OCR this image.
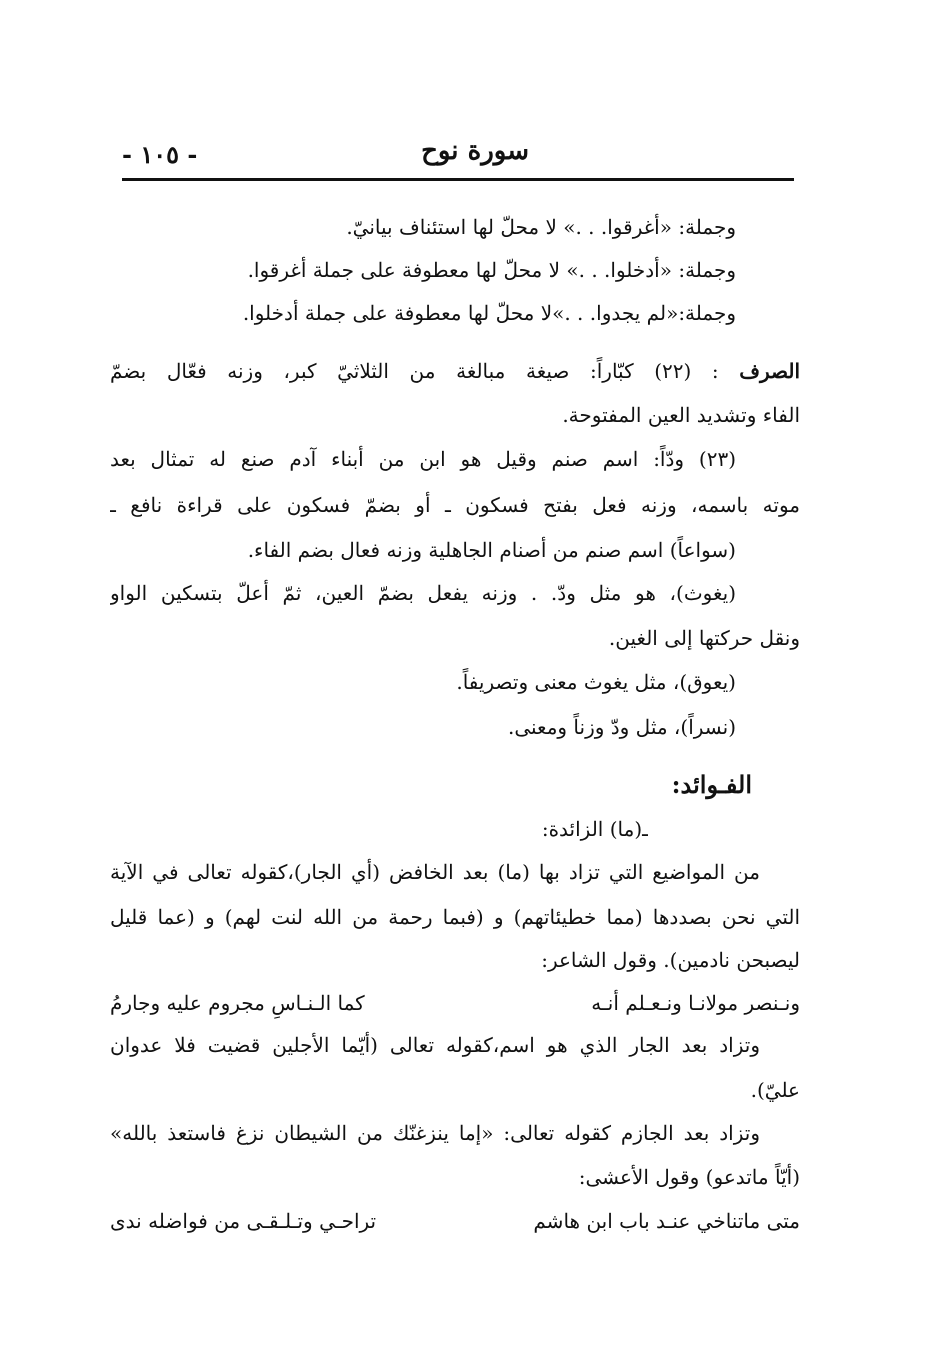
سورة نوح
- ١٠٥ -
وجملة: «أغرقوا. . .» لا محلّ لها استئناف بيانيّ.
وجملة: «أدخلوا. . .» لا محلّ لها معطوفة على جملة أغرقوا.
وجملة:«لم يجدوا. . .»لا محلّ لها معطوفة على جملة أدخلوا.
الصرف : (٢٢) كبّاراً: صيغة مبالغة من الثلاثيّ كبر، وزنه فعّال بضمّ
الفاء وتشديد العين المفتوحة.
(٢٣) ودّاً: اسم صنم وقيل هو ابن من أبناء آدم صنع له تمثال بعد
موته باسمه، وزنه فعل بفتح فسكون ـ أو بضمّ فسكون على قراءة نافع ـ
(سواعاً) اسم صنم من أصنام الجاهلية وزنه فعال بضم الفاء.
(يغوث)، هو مثل ودّ. . وزنه يفعل بضمّ العين، ثمّ أعلّ بتسكين الواو
ونقل حركتها إلى الغين.
(يعوق)، مثل يغوث معنى وتصريفاً.
(نسراً)، مثل ودّ وزناً ومعنى.
الفـوائد:
ـ(ما) الزائدة:
من المواضيع التي تزاد بها (ما) بعد الخافض (أي الجار)،كقوله تعالى في الآية
التي نحن بصددها (مما خطيئاتهم) و (فبما رحمة من الله لنت لهم) و (عما قليل
ليصبحن نادمين). وقول الشاعر:
ونـنصر مولانـا ونـعـلم أنـه
كما الـنـاسِ مجروم عليه وجارمُ
وتزاد بعد الجار الذي هو اسم،كقوله تعالى (أيّما الأجلين قضيت فلا عدوان
عليّ).
وتزاد بعد الجازم كقوله تعالى: «إما ينزغنّك من الشيطان نزغ فاستعذ بالله»
(أيّاً ماتدعو) وقول الأعشى:
متى ماتناخي عنـد باب ابن هاشم
تراحـي وتـلـقـى من فواضله ندى
